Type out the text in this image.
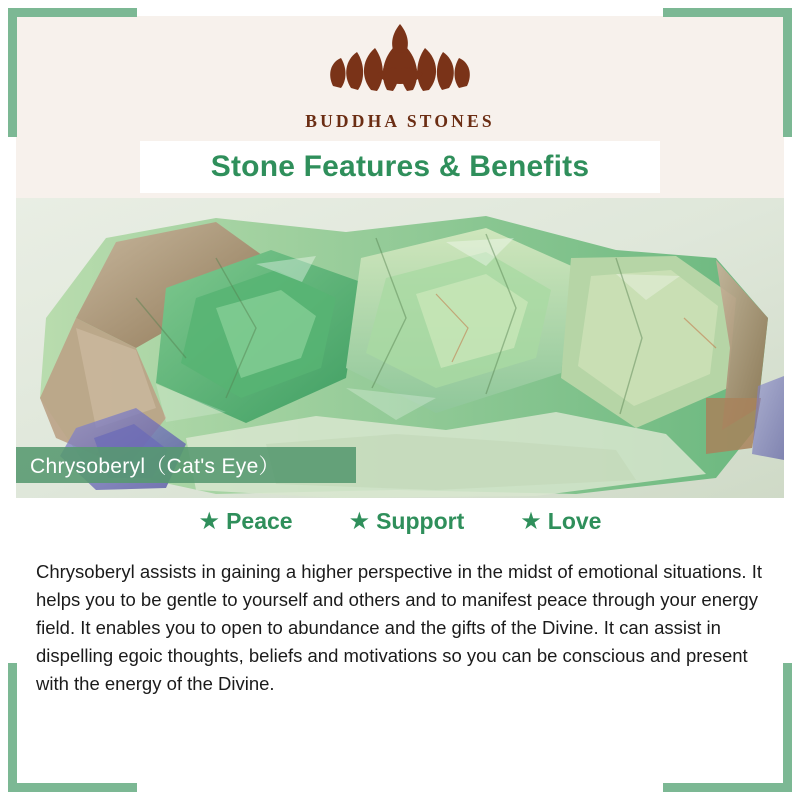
BUDDHA STONES
Stone Features & Benefits
Chrysoberyl（Cat's Eye）
★ Peace ★ Support ★ Love
Chrysoberyl assists in gaining a higher perspective in the midst of emotional situations. It helps you to be gentle to yourself and others and to manifest peace through your energy field. It enables you to open to abundance and the gifts of the Divine. It can assist in dispelling egoic thoughts, beliefs and motivations so you can be conscious and present with the energy of the Divine.
